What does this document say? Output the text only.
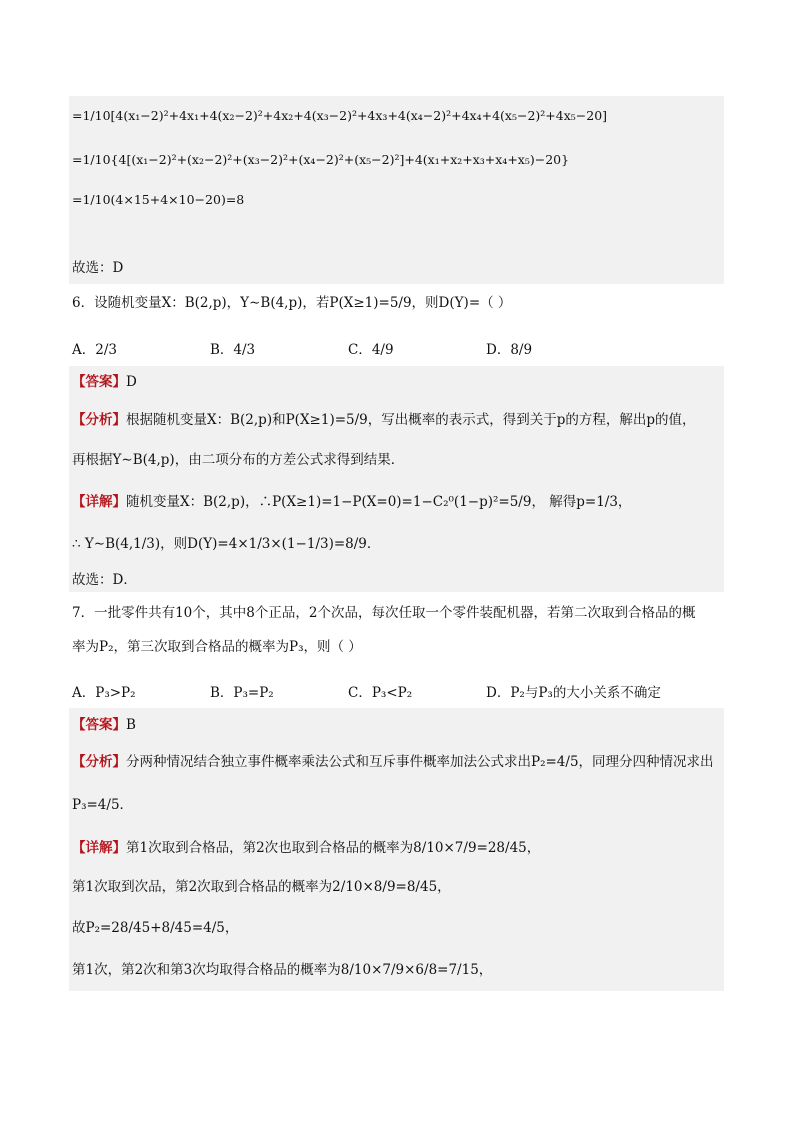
=1/10[4(x₁−2)²+4x₁+4(x₂−2)²+4x₂+4(x₃−2)²+4x₃+4(x₄−2)²+4x₄+4(x₅−2)²+4x₅−20]
=1/10{4[(x₁−2)²+(x₂−2)²+(x₃−2)²+(x₄−2)²+(x₅−2)²]+4(x₁+x₂+x₃+x₄+x₅)−20}
=1/10(4×15+4×10−20)=8
故选：D
6．设随机变量X：B(2,p)，Y∼B(4,p)，若P(X≥1)=5/9，则D(Y)=（ ）
A．2/3	B．4/3	C．4/9	D．8/9
【答案】D
【分析】根据随机变量X：B(2,p)和P(X≥1)=5/9，写出概率的表示式，得到关于p的方程，解出p的值，
再根据Y∼B(4,p)，由二项分布的方差公式求得到结果．
【详解】随机变量X：B(2,p)，∴P(X≥1)=1−P(X=0)=1−C₂⁰(1−p)²=5/9， 解得p=1/3，
∴ Y∼B(4,1/3)，则D(Y)=4×1/3×(1−1/3)=8/9．
故选：D．
7．一批零件共有10个，其中8个正品，2个次品，每次任取一个零件装配机器，若第二次取到合格品的概
率为P₂，第三次取到合格品的概率为P₃，则（ ）
A．P₃>P₂	B．P₃=P₂	C．P₃<P₂	D．P₂与P₃的大小关系不确定
【答案】B
【分析】分两种情况结合独立事件概率乘法公式和互斥事件概率加法公式求出P₂=4/5，同理分四种情况求出
P₃=4/5．
【详解】第1次取到合格品，第2次也取到合格品的概率为8/10×7/9=28/45，
第1次取到次品，第2次取到合格品的概率为2/10×8/9=8/45，
故P₂=28/45+8/45=4/5，
第1次，第2次和第3次均取得合格品的概率为8/10×7/9×6/8=7/15，
